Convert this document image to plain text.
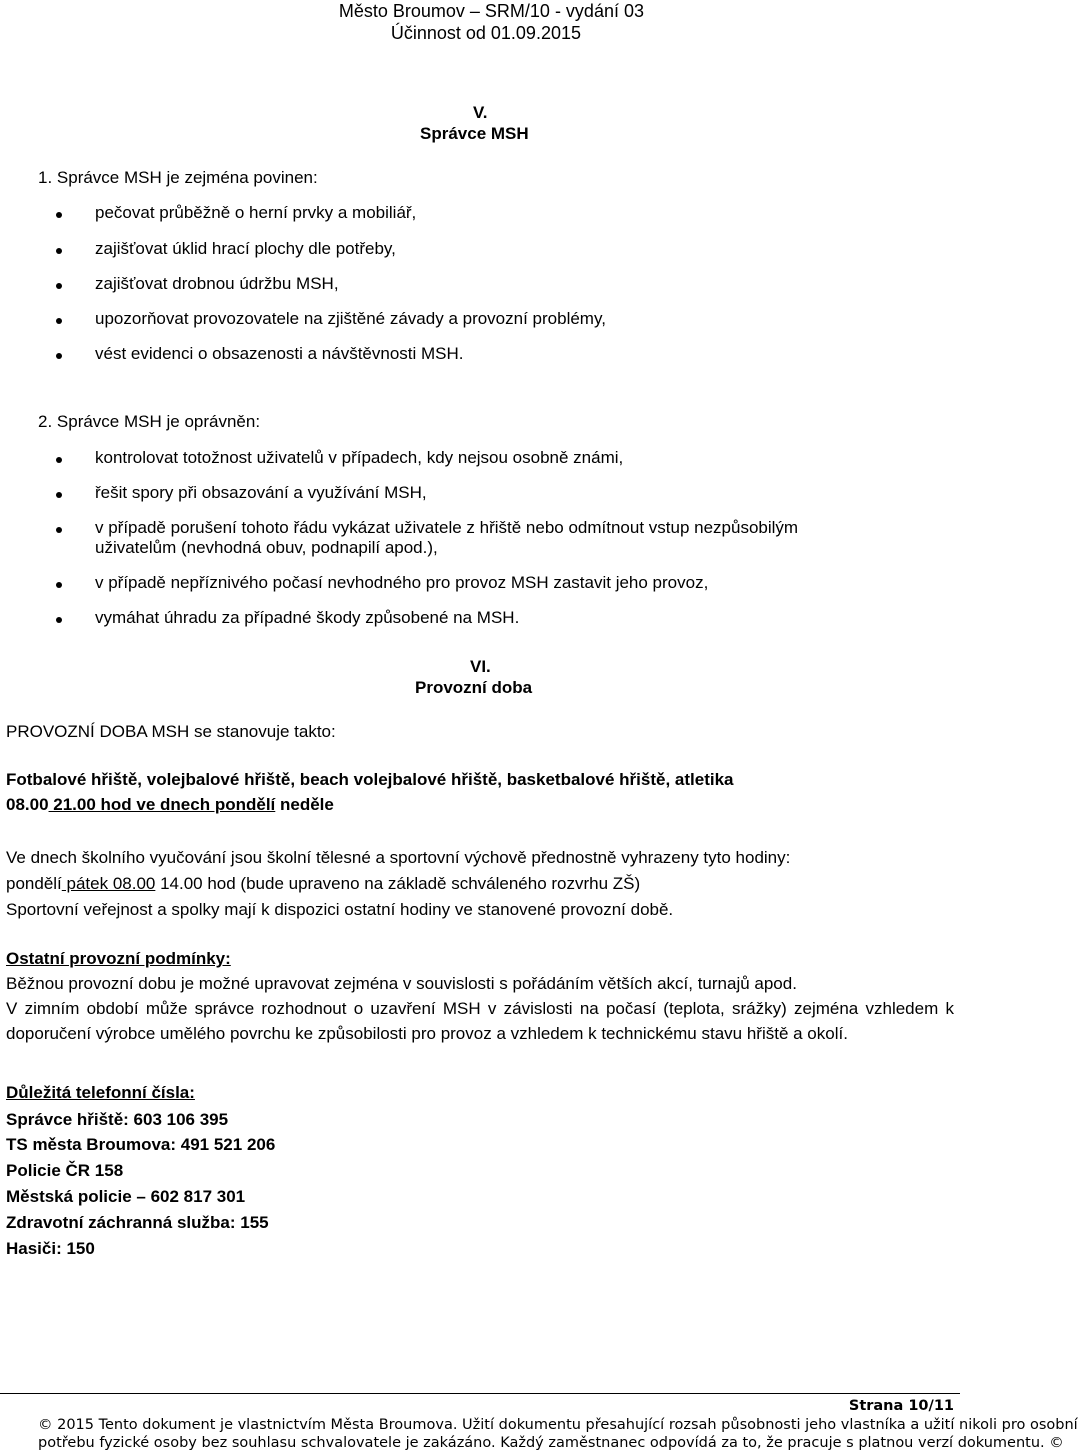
Město Broumov – SRM/10 - vydání 03
Účinnost od 01.09.2015
V.
Správce MSH
1. Správce MSH je zejména povinen:
pečovat průběžně o herní prvky a mobiliář,
zajišťovat úklid hrací plochy dle potřeby,
zajišťovat drobnou údržbu MSH,
upozorňovat provozovatele na zjištěné závady a provozní problémy,
vést evidenci o obsazenosti a návštěvnosti MSH.
2. Správce MSH je oprávněn:
kontrolovat totožnost uživatelů v případech, kdy nejsou osobně známi,
řešit spory při obsazování a využívání MSH,
v případě porušení tohoto řádu vykázat uživatele z hřiště nebo odmítnout vstup nezpůsobilým
uživatelům (nevhodná obuv, podnapilí apod.),
v případě nepříznivého počasí nevhodného pro provoz MSH zastavit jeho provoz,
vymáhat úhradu za případné škody způsobené na MSH.
VI.
Provozní doba
PROVOZNÍ DOBA MSH se stanovuje takto:
Fotbalové hřiště, volejbalové hřiště, beach volejbalové hřiště, basketbalové hřiště, atletika
08.00 21.00 hod ve dnech pondělí neděle
Ve dnech školního vyučování jsou školní tělesné a sportovní výchově přednostně vyhrazeny tyto hodiny:
pondělí pátek 08.00 14.00 hod (bude upraveno na základě schváleného rozvrhu ZŠ)
Sportovní veřejnost a spolky mají k dispozici ostatní hodiny ve stanovené provozní době.
Ostatní provozní podmínky:
Běžnou provozní dobu je možné upravovat zejména v souvislosti s pořádáním větších akcí, turnajů apod.
V zimním období může správce rozhodnout o uzavření MSH v závislosti na počasí (teplota, srážky) zejména vzhledem k doporučení výrobce umělého povrchu ke způsobilosti pro provoz a vzhledem k technickému stavu hřiště a okolí.
Důležitá telefonní čísla:
Správce hřiště: 603 106 395
TS města Broumova: 491 521 206
Policie ČR 158
Městská policie – 602 817 301
Zdravotní záchranná služba: 155
Hasiči: 150
Strana 10/11
© 2015 Tento dokument je vlastnictvím Města Broumova. Užití dokumentu přesahující rozsah působnosti jeho vlastníka a užití nikoli pro osobní
potřebu fyzické osoby bez souhlasu schvalovatele je zakázáno. Každý zaměstnanec odpovídá za to, že pracuje s platnou verzí dokumentu. ©
